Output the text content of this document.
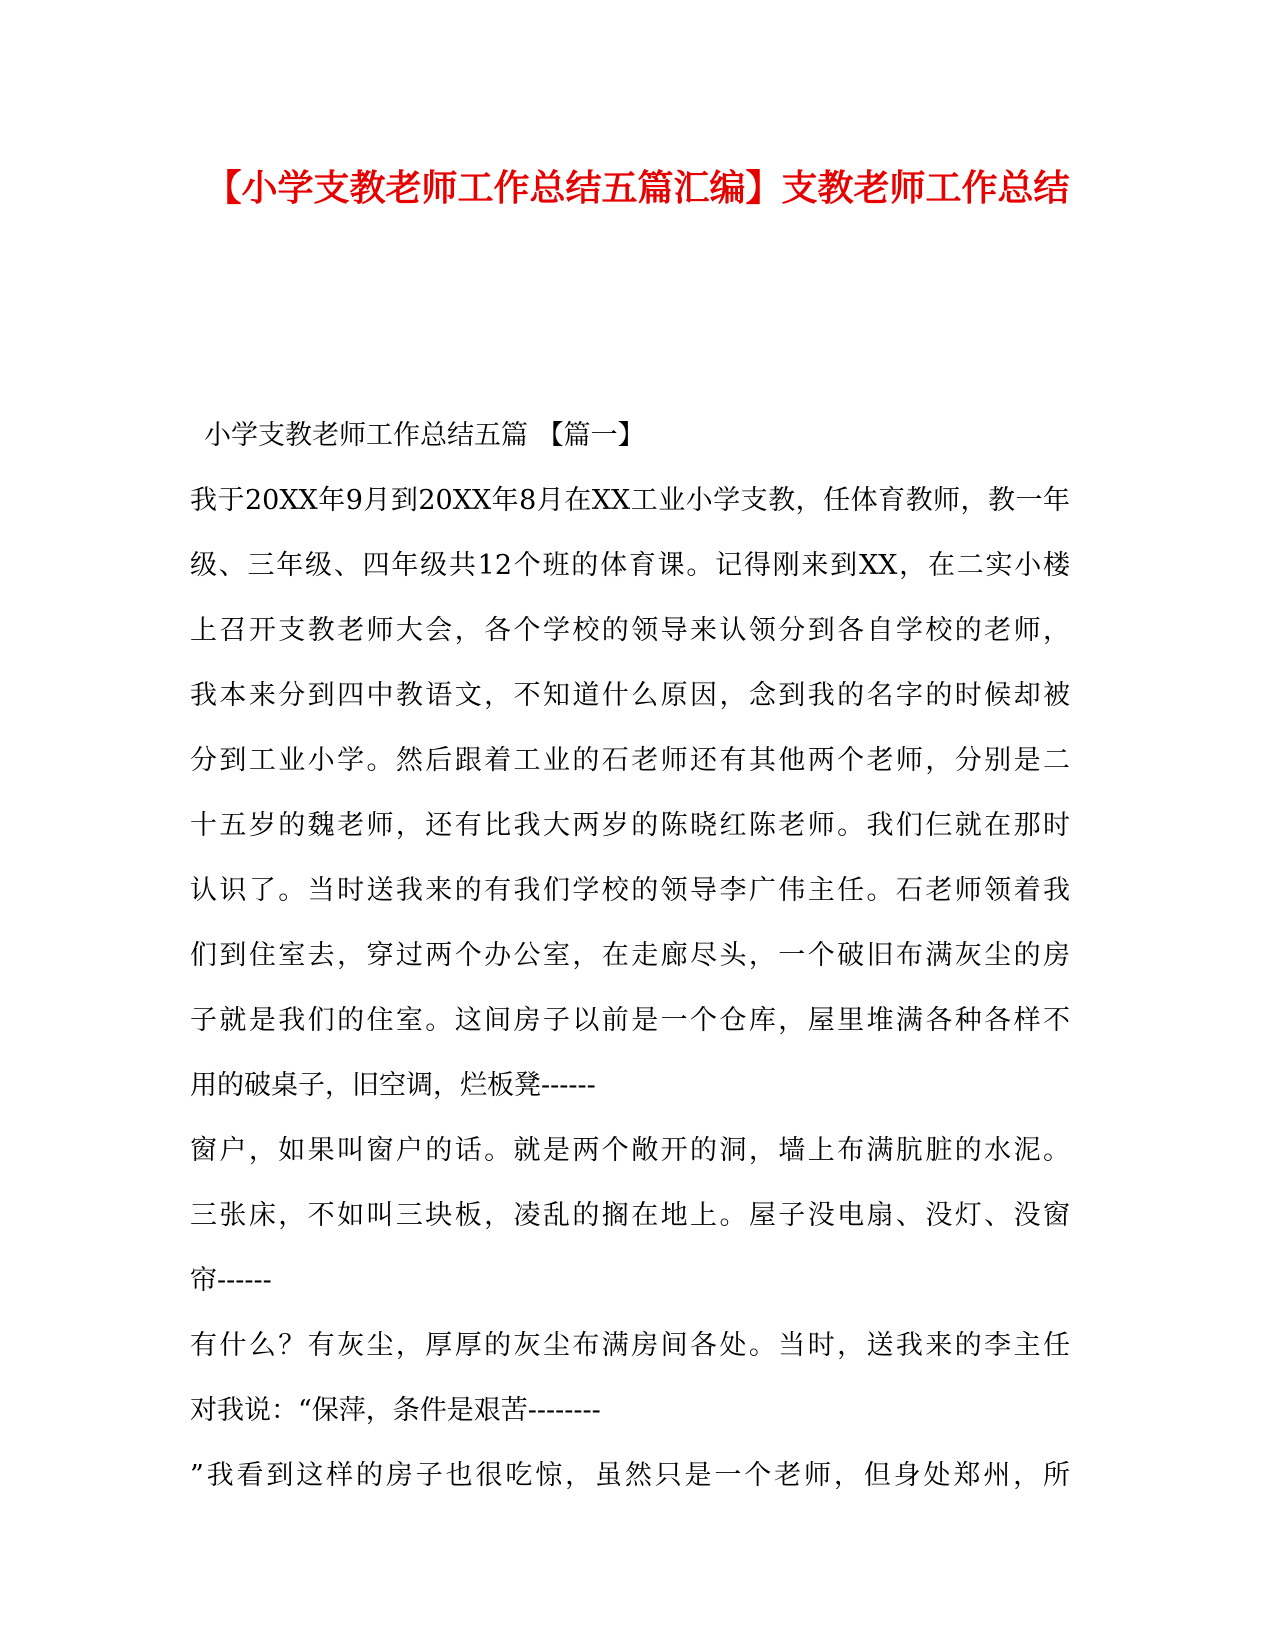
【小学支教老师工作总结五篇汇编】支教老师工作总结

小学支教老师工作总结五篇 【篇一】

我于20XX年9月到20XX年8月在XX工业小学支教，任体育教师，教一年

级、三年级、四年级共12个班的体育课。记得刚来到XX，在二实小楼

上召开支教老师大会，各个学校的领导来认领分到各自学校的老师，

我本来分到四中教语文，不知道什么原因，念到我的名字的时候却被

分到工业小学。然后跟着工业的石老师还有其他两个老师，分别是二

十五岁的魏老师，还有比我大两岁的陈晓红陈老师。我们仨就在那时

认识了。当时送我来的有我们学校的领导李广伟主任。石老师领着我

们到住室去，穿过两个办公室，在走廊尽头，一个破旧布满灰尘的房

子就是我们的住室。这间房子以前是一个仓库，屋里堆满各种各样不

用的破桌子，旧空调，烂板凳------

窗户，如果叫窗户的话。就是两个敞开的洞，墙上布满肮脏的水泥。

三张床，不如叫三块板，凌乱的搁在地上。屋子没电扇、没灯、没窗

帘------

有什么？有灰尘，厚厚的灰尘布满房间各处。当时，送我来的李主任

对我说：“保萍，条件是艰苦--------

”我看到这样的房子也很吃惊，虽然只是一个老师，但身处郑州，所
